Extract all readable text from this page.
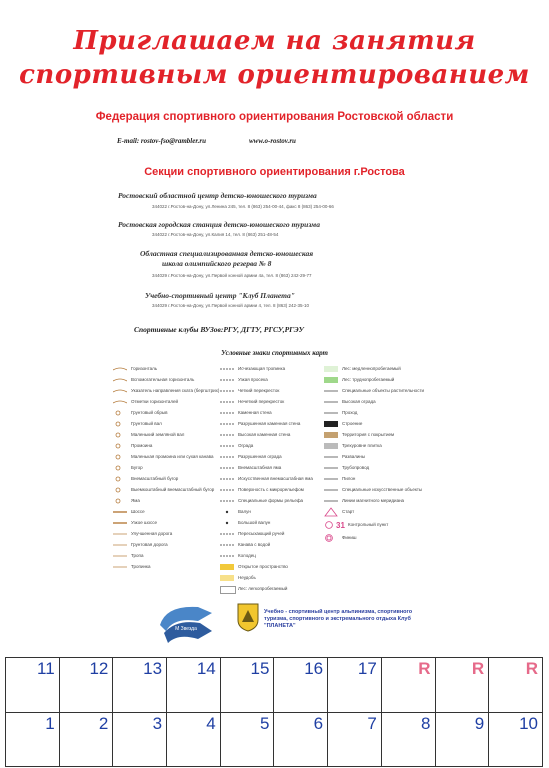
Приглашаем на занятия
спортивным ориентированием
Федерация спортивного ориентирования Ростовской области
E-mail: rostov-fso@rambler.ru	www.o-rostov.ru
Секции спортивного ориентирования г.Ростова
Ростовский областной центр детско-юношеского туризма
344022 г.Ростов-на-Дону, ул.Ленина 245, тел. 8 (863) 254-00-44, факс 8 (863) 254-00-66
Ростовская городская станция детско-юношеского туризма
344022 г.Ростов-на-Дону, ул.Калия 14, тел. 8 (863) 251-48-54
Областная специализированная детско-юношеская
школа олимпийского резерва № 8
344029 г.Ростов-на-Дону, ул.Первой конной армии 4а, тел. 8 (863) 242-29-77
Учебно-спортивный центр "Клуб Планета"
344029 г.Ростов-на-Дону, ул.Первой конной армии 4, тел. 8 (863) 242-35-10
Спортивные клубы ВУЗов:РГУ, ДГТУ, РГСУ,РГЭУ
Условные знаки спортивных карт
Горизонталь
Вспомогательная горизонталь
Указатель направления ската (бергштрих)
Отметки горизонталей
Грунтовый обрыв
Грунтовый вал
Маленький земляной вал
Промоина
Маленькая промоина или сухая канава
Бугор
Внемасштабный бугор
Выемкоштабный внемасштабный бугор
Яма
Шоссе
Узкое шоссе
Улучшенная дорога
Грунтовая дорога
Тропа
Тропинка
Исчезающая тропинка
Узкая просека
Четкий перекресток
Нечеткий перекресток
Каменная стена
Разрушенная каменная стена
Высокая каменная стена
Ограда
Разрушенная ограда
Внемасштабная яма
Искусственная внемасштабная яма
Поверхность с микрорельефом
Специальные формы рельефа
Валун
Большой валун
Пересыхающий ручей
Канава с водой
Колодец
Открытое пространство
Неудобь
Лес: легкопробегаемый
Лес: медленнопробегаемый
Лес: труднопробегаемый
Специальные объекты растительности
Высокая ограда
Проход
Строение
Территория с покрытием
Трехуровне плитка
Развалины
Трубопровод
Пилон
Специальные искусственные объекты
Линии магнитного меридиана
Старт
31 Контрольный пункт
Финиш
М Звезда
Учебно - спортивный центр альпинизма, спортивного туризма, спортивного и экстремального отдыха Клуб "ПЛАНЕТА"
11	12	13	14	15	16	17	R	R	R
1	2	3	4	5	6	7	8	9	10
